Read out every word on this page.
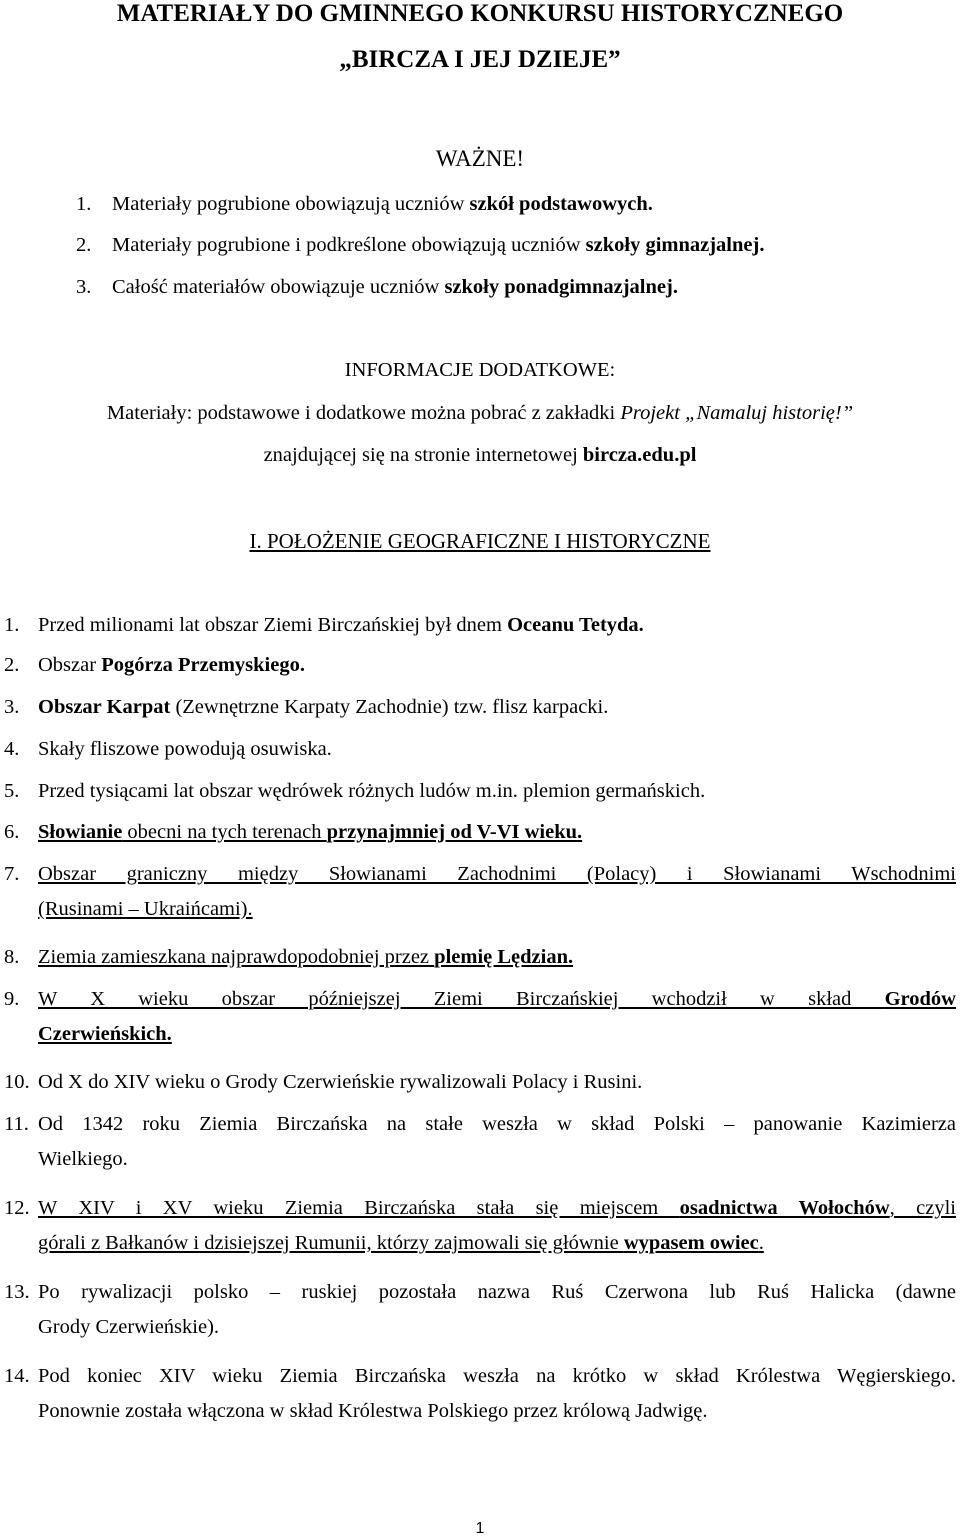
MATERIAŁY DO GMINNEGO KONKURSU HISTORYCZNEGO
„BIRCZA I JEJ DZIEJE”
WAŻNE!
1. Materiały pogrubione obowiązują uczniów szkół podstawowych.
2. Materiały pogrubione i podkreślone obowiązują uczniów szkoły gimnazjalnej.
3. Całość materiałów obowiązuje uczniów szkoły ponadgimnazjalnej.
INFORMACJE DODATKOWE:
Materiały: podstawowe i dodatkowe można pobrać z zakładki Projekt „Namaluj historię!”
znajdującej się na stronie internetowej bircza.edu.pl
I. POŁOŻENIE GEOGRAFICZNE I HISTORYCZNE
1. Przed milionami lat obszar Ziemi Birczańskiej był dnem Oceanu Tetyda.
2. Obszar Pogórza Przemyskiego.
3. Obszar Karpat (Zewnętrzne Karpaty Zachodnie) tzw. flisz karpacki.
4. Skały fliszowe powodują osuwiska.
5. Przed tysiącami lat obszar wędrówek różnych ludów m.in. plemion germańskich.
6. Słowianie obecni na tych terenach przynajmniej od V-VI wieku.
7. Obszar graniczny między Słowianami Zachodnimi (Polacy) i Słowianami Wschodnimi
(Rusinami – Ukraińcami).
8. Ziemia zamieszkana najprawdopodobniej przez plemię Lędzian.
9. W X wieku obszar późniejszej Ziemi Birczańskiej wchodził w skład Grodów
Czerwieńskich.
10. Od X do XIV wieku o Grody Czerwieńskie rywalizowali Polacy i Rusini.
11. Od 1342 roku Ziemia Birczańska na stałe weszła w skład Polski – panowanie Kazimierza
Wielkiego.
12. W XIV i XV wieku Ziemia Birczańska stała się miejscem osadnictwa Wołochów, czyli
górali z Bałkanów i dzisiejszej Rumunii, którzy zajmowali się głównie wypasem owiec.
13. Po rywalizacji polsko – ruskiej pozostała nazwa Ruś Czerwona lub Ruś Halicka (dawne
Grody Czerwieńskie).
14. Pod koniec XIV wieku Ziemia Birczańska weszła na krótko w skład Królestwa Węgierskiego.
Ponownie została włączona w skład Królestwa Polskiego przez królową Jadwigę.
1
